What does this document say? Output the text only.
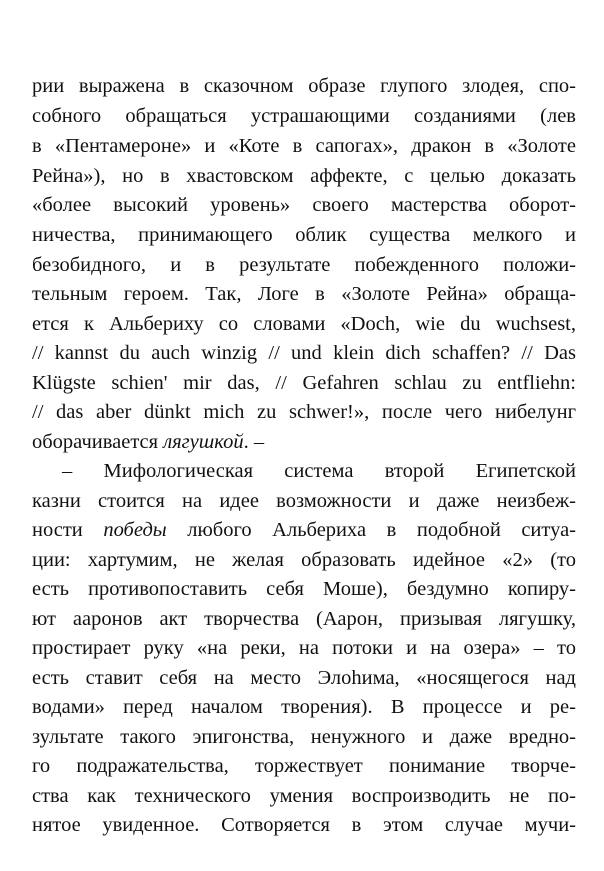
рии выражена в сказочном образе глупого злодея, спо-
собного обращаться устрашающими созданиями (лев
в «Пентамероне» и «Коте в сапогах», дракон в «Золоте
Рейна»), но в хвастовском аффекте, с целью доказать
«более высокий уровень» своего мастерства оборот-
ничества, принимающего облик существа мелкого и
безобидного, и в результате побежденного положи-
тельным героем. Так, Логе в «Золоте Рейна» обраща-
ется к Альбериху со словами «Doch, wie du wuchsest,
// kannst du auch winzig // und klein dich schaffen? // Das
Klügste schien' mir das, // Gefahren schlau zu entfliehn:
// das aber dünkt mich zu schwer!», после чего нибелунг
оборачивается лягушкой. –
– Мифологическая система второй Египетской
казни стоится на идее возможности и даже неизбеж-
ности победы любого Альбериха в подобной ситуа-
ции: хартумим, не желая образовать идейное «2» (то
есть противопоставить себя Моше), бездумно копиру-
ют ааронов акт творчества (Аарон, призывая лягушку,
простирает руку «на реки, на потоки и на озера» – то
есть ставит себя на место Элоhима, «носящегося над
водами» перед началом творения). В процессе и ре-
зультате такого эпигонства, ненужного и даже вредно-
го подражательства, торжествует понимание творче-
ства как технического умения воспроизводить не по-
нятое увиденное. Сотворяется в этом случае мучи-
